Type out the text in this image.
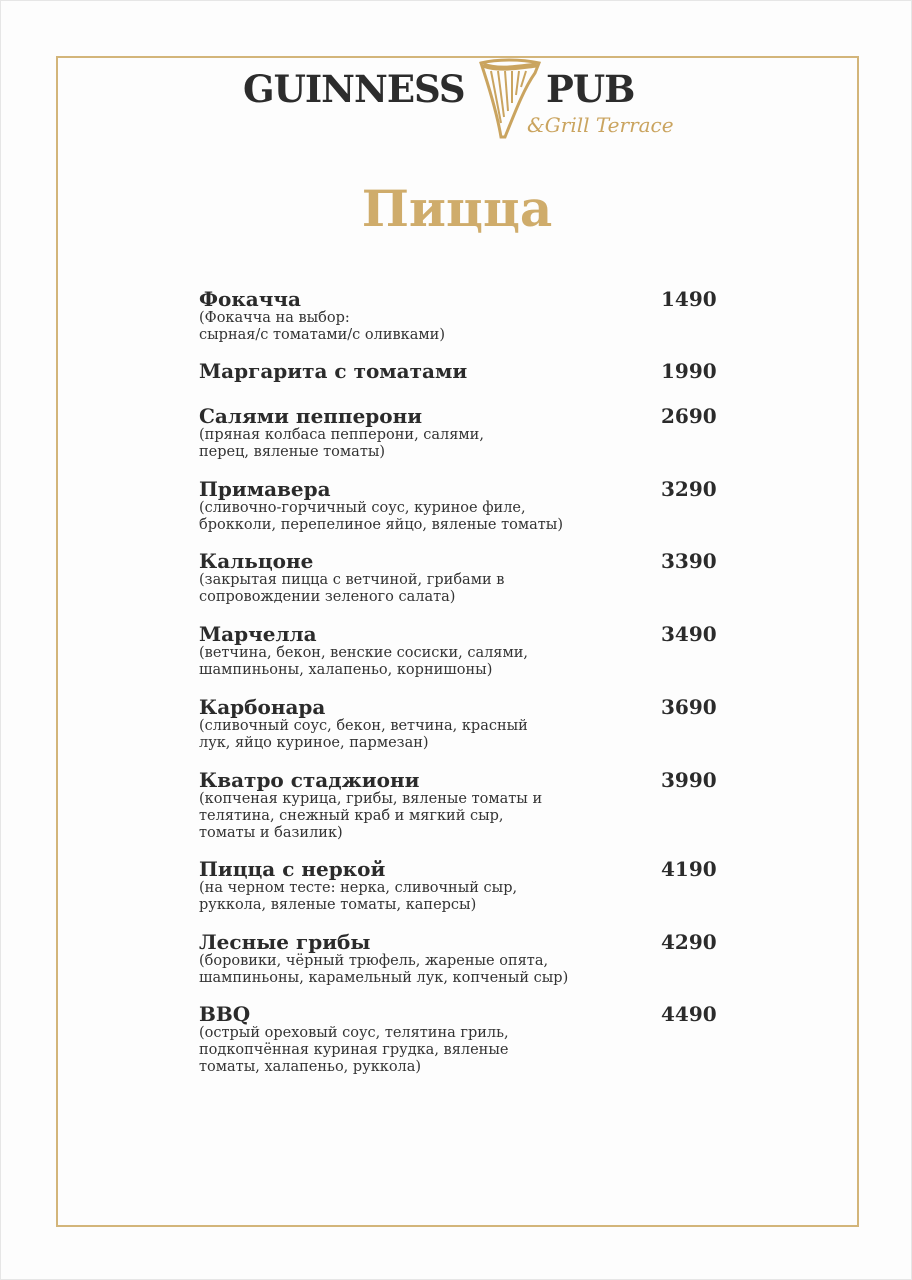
GUINNESS PUB
&Grill Terrace
Пицца
Фокачча	1490
(Фокачча на выбор:
сырная/с томатами/с оливками)
Маргарита с томатами	1990
Салями пепперони	2690
(пряная колбаса пепперони, салями,
перец, вяленые томаты)
Примавера	3290
(сливочно-горчичный соус, куриное филе,
брокколи, перепелиное яйцо, вяленые томаты)
Кальцоне	3390
(закрытая пицца с ветчиной, грибами в
сопровождении зеленого салата)
Марчелла	3490
(ветчина, бекон, венские сосиски, салями,
шампиньоны, халапеньо, корнишоны)
Карбонара	3690
(сливочный соус, бекон, ветчина, красный
лук, яйцо куриное, пармезан)
Кватро стаджиони	3990
(копченая курица, грибы, вяленые томаты и
телятина, снежный краб и мягкий сыр,
томаты и базилик)
Пицца с неркой	4190
(на черном тесте: нерка, сливочный сыр,
руккола, вяленые томаты, каперсы)
Лесные грибы	4290
(боровики, чёрный трюфель, жареные опята,
шампиньоны, карамельный лук, копченый сыр)
BBQ	4490
(острый ореховый соус, телятина гриль,
подкопчённая куриная грудка, вяленые
томаты, халапеньо, руккола)
